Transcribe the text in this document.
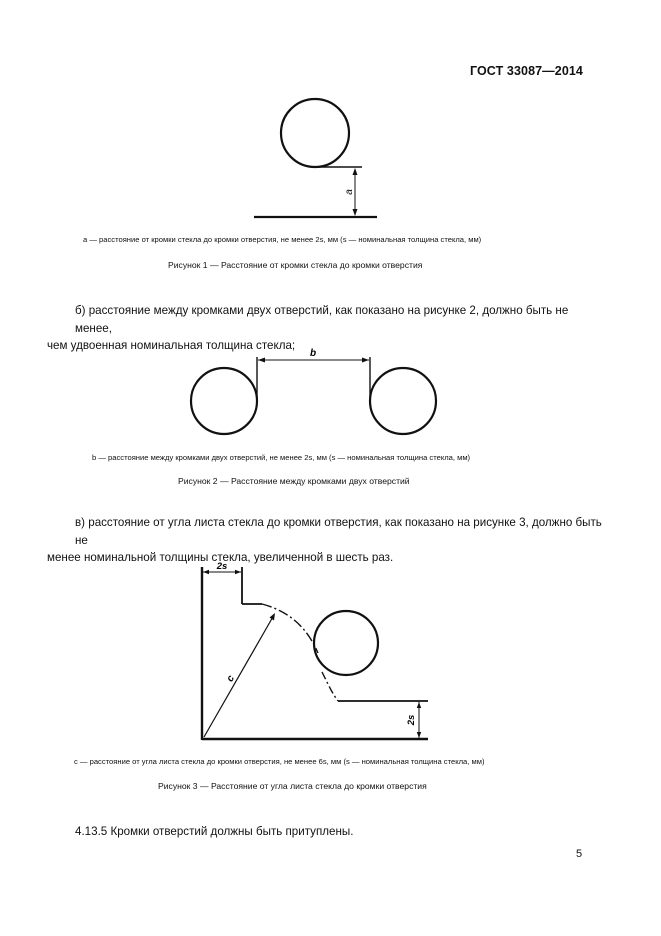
ГОСТ 33087—2014
a
b
2s
c
2s
a — расстояние от кромки стекла до кромки отверстия, не менее 2s, мм (s — номинальная толщина стекла, мм)
Рисунок 1 — Расстояние от кромки стекла до кромки отверстия
б) расстояние между кромками двух отверстий, как показано на рисунке 2, должно быть не менее,
чем удвоенная номинальная толщина стекла;
b — расстояние между кромками двух отверстий, не менее 2s, мм (s — номинальная толщина стекла, мм)
Рисунок 2 — Расстояние между кромками двух отверстий
в) расстояние от угла листа стекла до кромки отверстия, как показано на рисунке 3, должно быть не
менее номинальной толщины стекла, увеличенной в шесть раз.
c — расстояние от угла листа стекла до кромки отверстия, не менее 6s, мм (s — номинальная толщина стекла, мм)
Рисунок 3 — Расстояние от угла листа стекла до кромки отверстия
4.13.5 Кромки отверстий должны быть притуплены.
5
